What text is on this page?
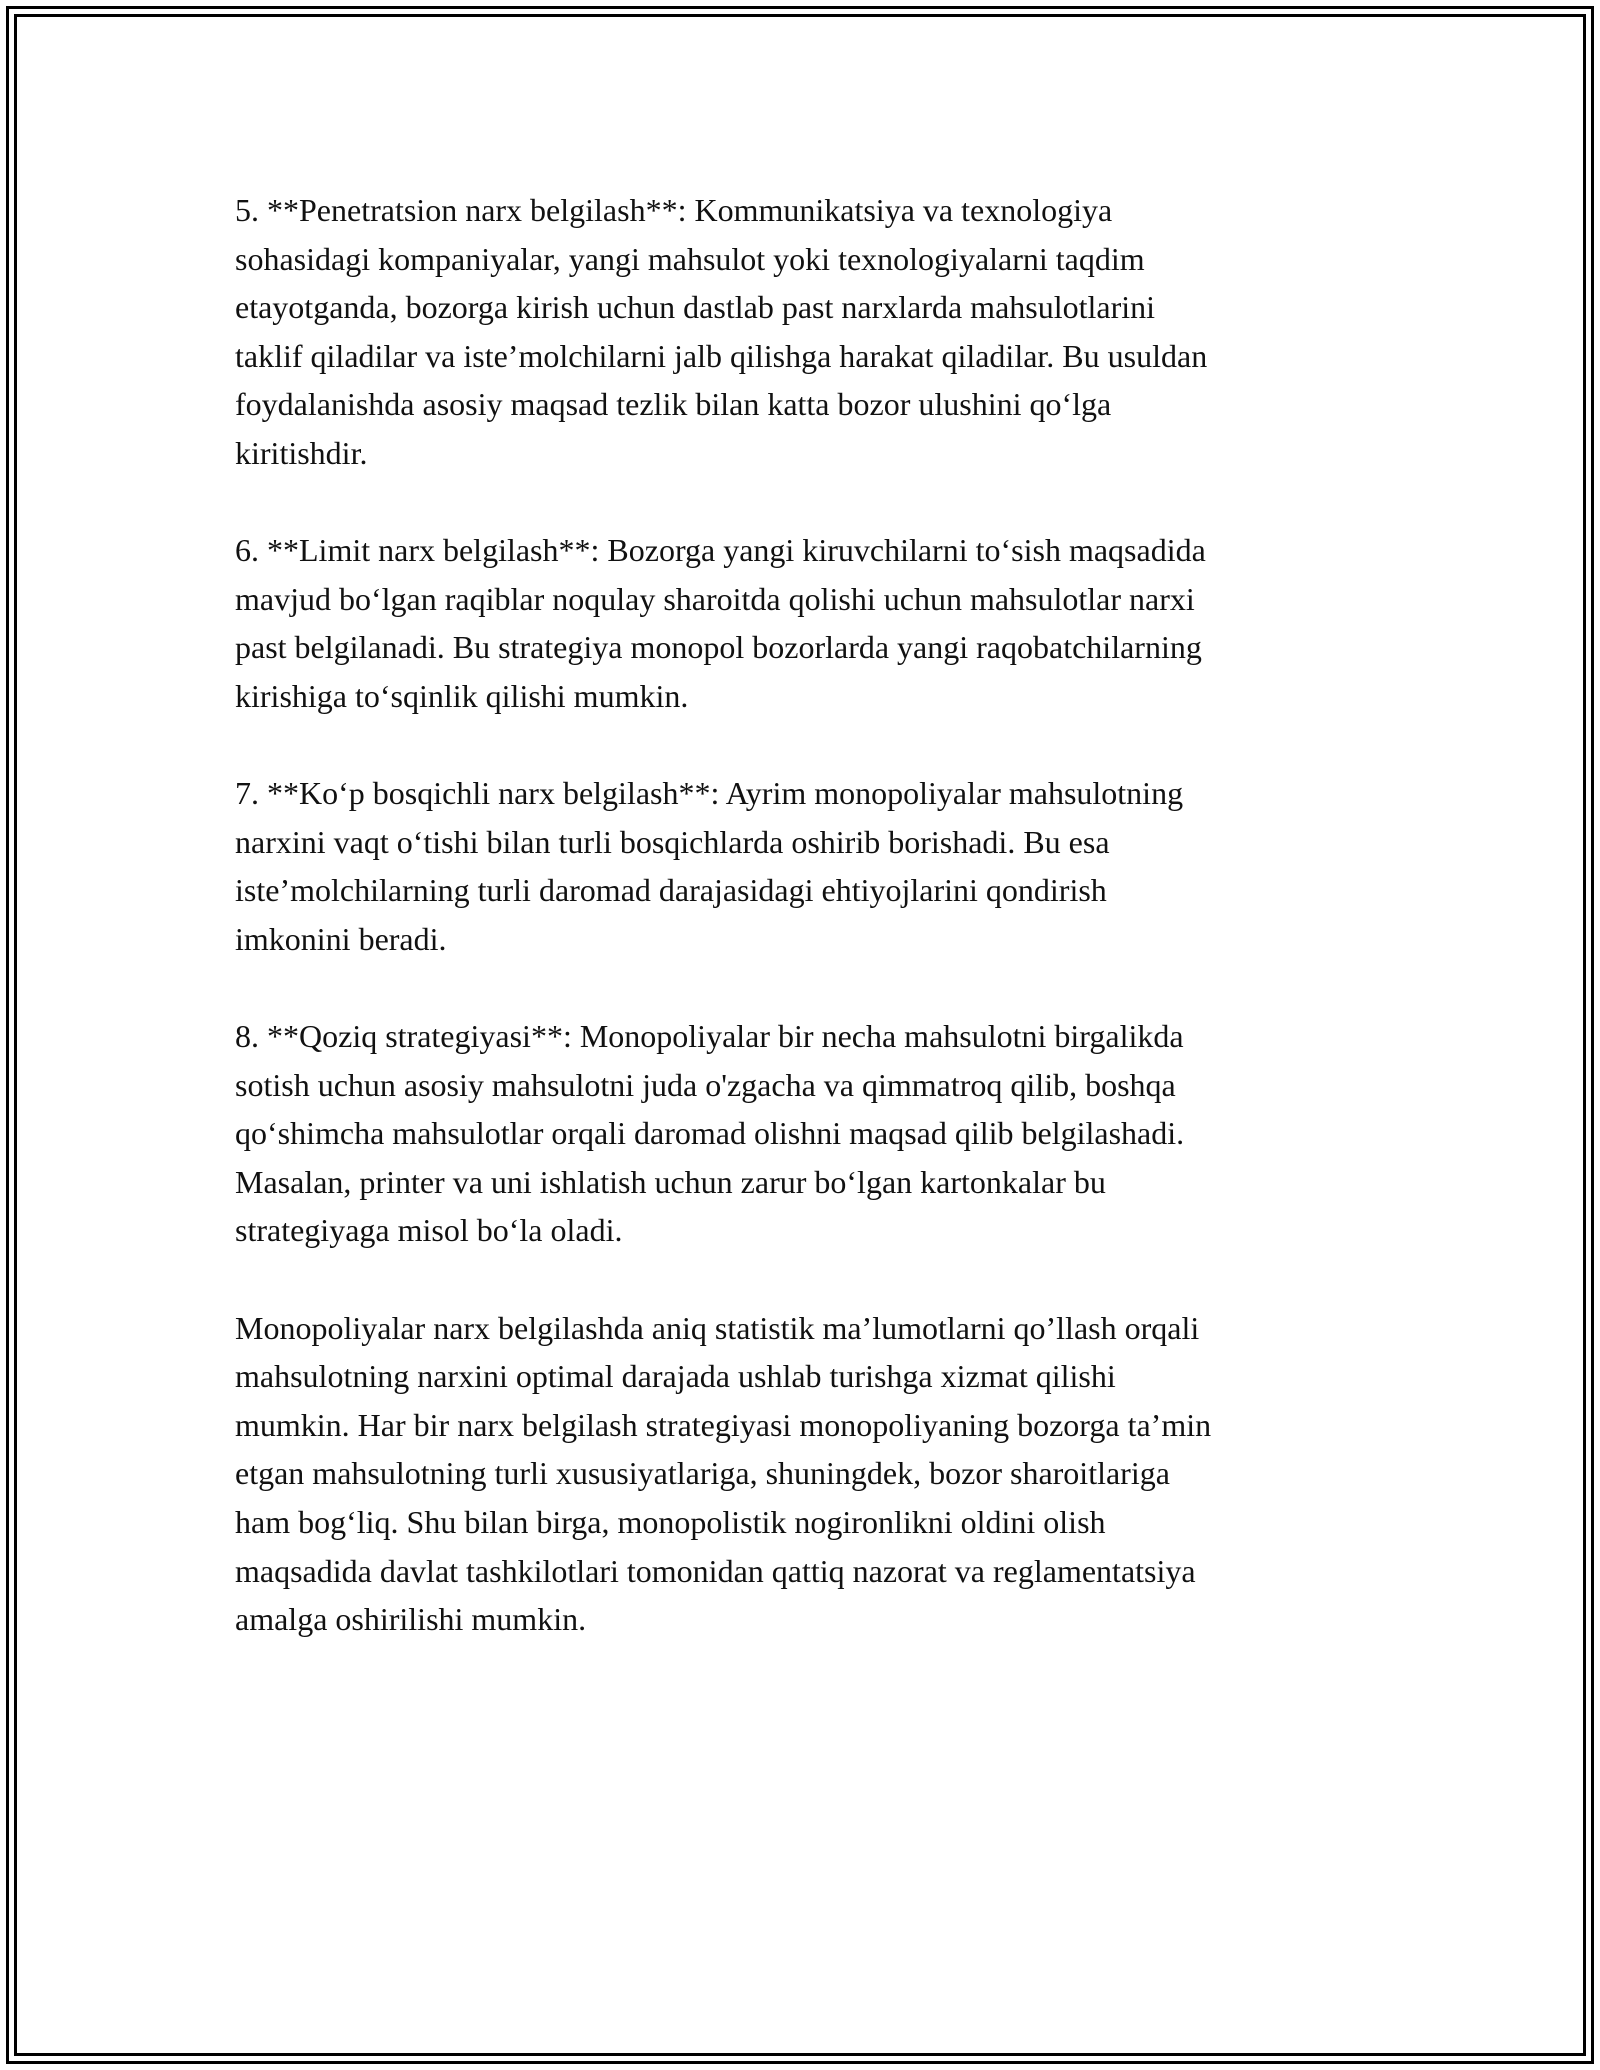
5. **Penetratsion narx belgilash**: Kommunikatsiya va texnologiya
sohasidagi kompaniyalar, yangi mahsulot yoki texnologiyalarni taqdim
etayotganda, bozorga kirish uchun dastlab past narxlarda mahsulotlarini
taklif qiladilar va iste’molchilarni jalb qilishga harakat qiladilar. Bu usuldan
foydalanishda asosiy maqsad tezlik bilan katta bozor ulushini qo‘lga
kiritishdir.

6. **Limit narx belgilash**: Bozorga yangi kiruvchilarni to‘sish maqsadida
mavjud bo‘lgan raqiblar noqulay sharoitda qolishi uchun mahsulotlar narxi
past belgilanadi. Bu strategiya monopol bozorlarda yangi raqobatchilarning
kirishiga to‘sqinlik qilishi mumkin.

7. **Ko‘p bosqichli narx belgilash**: Ayrim monopoliyalar mahsulotning
narxini vaqt o‘tishi bilan turli bosqichlarda oshirib borishadi. Bu esa
iste’molchilarning turli daromad darajasidagi ehtiyojlarini qondirish
imkonini beradi.

8. **Qoziq strategiyasi**: Monopoliyalar bir necha mahsulotni birgalikda
sotish uchun asosiy mahsulotni juda o'zgacha va qimmatroq qilib, boshqa
qo‘shimcha mahsulotlar orqali daromad olishni maqsad qilib belgilashadi.
Masalan, printer va uni ishlatish uchun zarur bo‘lgan kartonkalar bu
strategiyaga misol bo‘la oladi.

Monopoliyalar narx belgilashda aniq statistik ma’lumotlarni qo’llash orqali
mahsulotning narxini optimal darajada ushlab turishga xizmat qilishi
mumkin. Har bir narx belgilash strategiyasi monopoliyaning bozorga ta’min
etgan mahsulotning turli xususiyatlariga, shuningdek, bozor sharoitlariga
ham bog‘liq. Shu bilan birga, monopolistik nogironlikni oldini olish
maqsadida davlat tashkilotlari tomonidan qattiq nazorat va reglamentatsiya
amalga oshirilishi mumkin.
